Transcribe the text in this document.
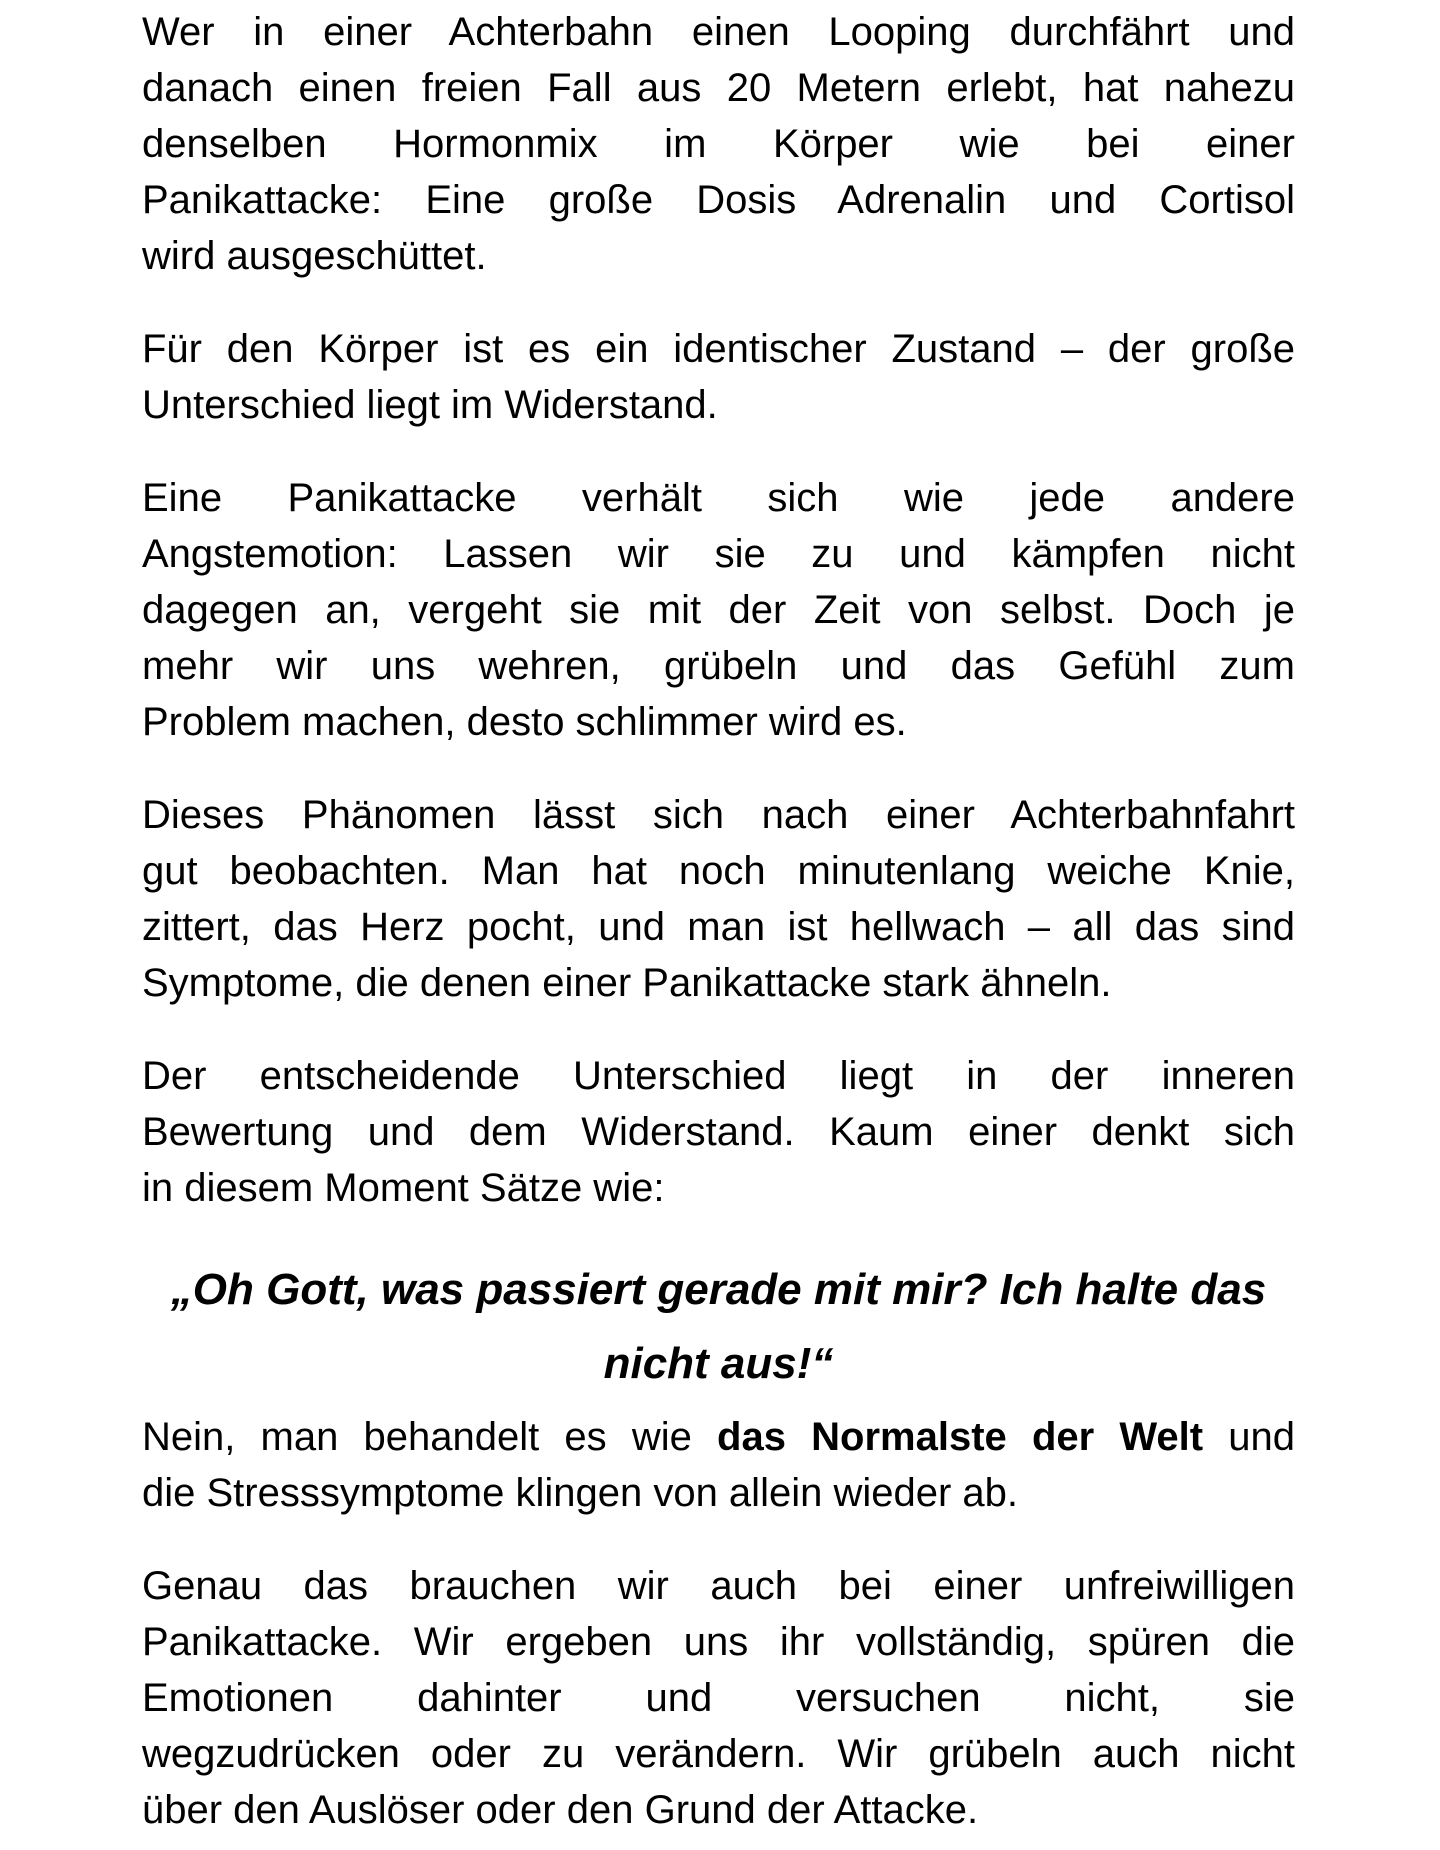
Wer in einer Achterbahn einen Looping durchfährt und
danach einen freien Fall aus 20 Metern erlebt, hat nahezu
denselben Hormonmix im Körper wie bei einer
Panikattacke: Eine große Dosis Adrenalin und Cortisol
wird ausgeschüttet.
Für den Körper ist es ein identischer Zustand – der große
Unterschied liegt im Widerstand.
Eine Panikattacke verhält sich wie jede andere
Angstemotion: Lassen wir sie zu und kämpfen nicht
dagegen an, vergeht sie mit der Zeit von selbst. Doch je
mehr wir uns wehren, grübeln und das Gefühl zum
Problem machen, desto schlimmer wird es.
Dieses Phänomen lässt sich nach einer Achterbahnfahrt
gut beobachten. Man hat noch minutenlang weiche Knie,
zittert, das Herz pocht, und man ist hellwach – all das sind
Symptome, die denen einer Panikattacke stark ähneln.
Der entscheidende Unterschied liegt in der inneren
Bewertung und dem Widerstand. Kaum einer denkt sich
in diesem Moment Sätze wie:
„Oh Gott, was passiert gerade mit mir? Ich halte das
nicht aus!“
Nein, man behandelt es wie das Normalste der Welt und
die Stresssymptome klingen von allein wieder ab.
Genau das brauchen wir auch bei einer unfreiwilligen
Panikattacke. Wir ergeben uns ihr vollständig, spüren die
Emotionen dahinter und versuchen nicht, sie
wegzudrücken oder zu verändern. Wir grübeln auch nicht
über den Auslöser oder den Grund der Attacke.
